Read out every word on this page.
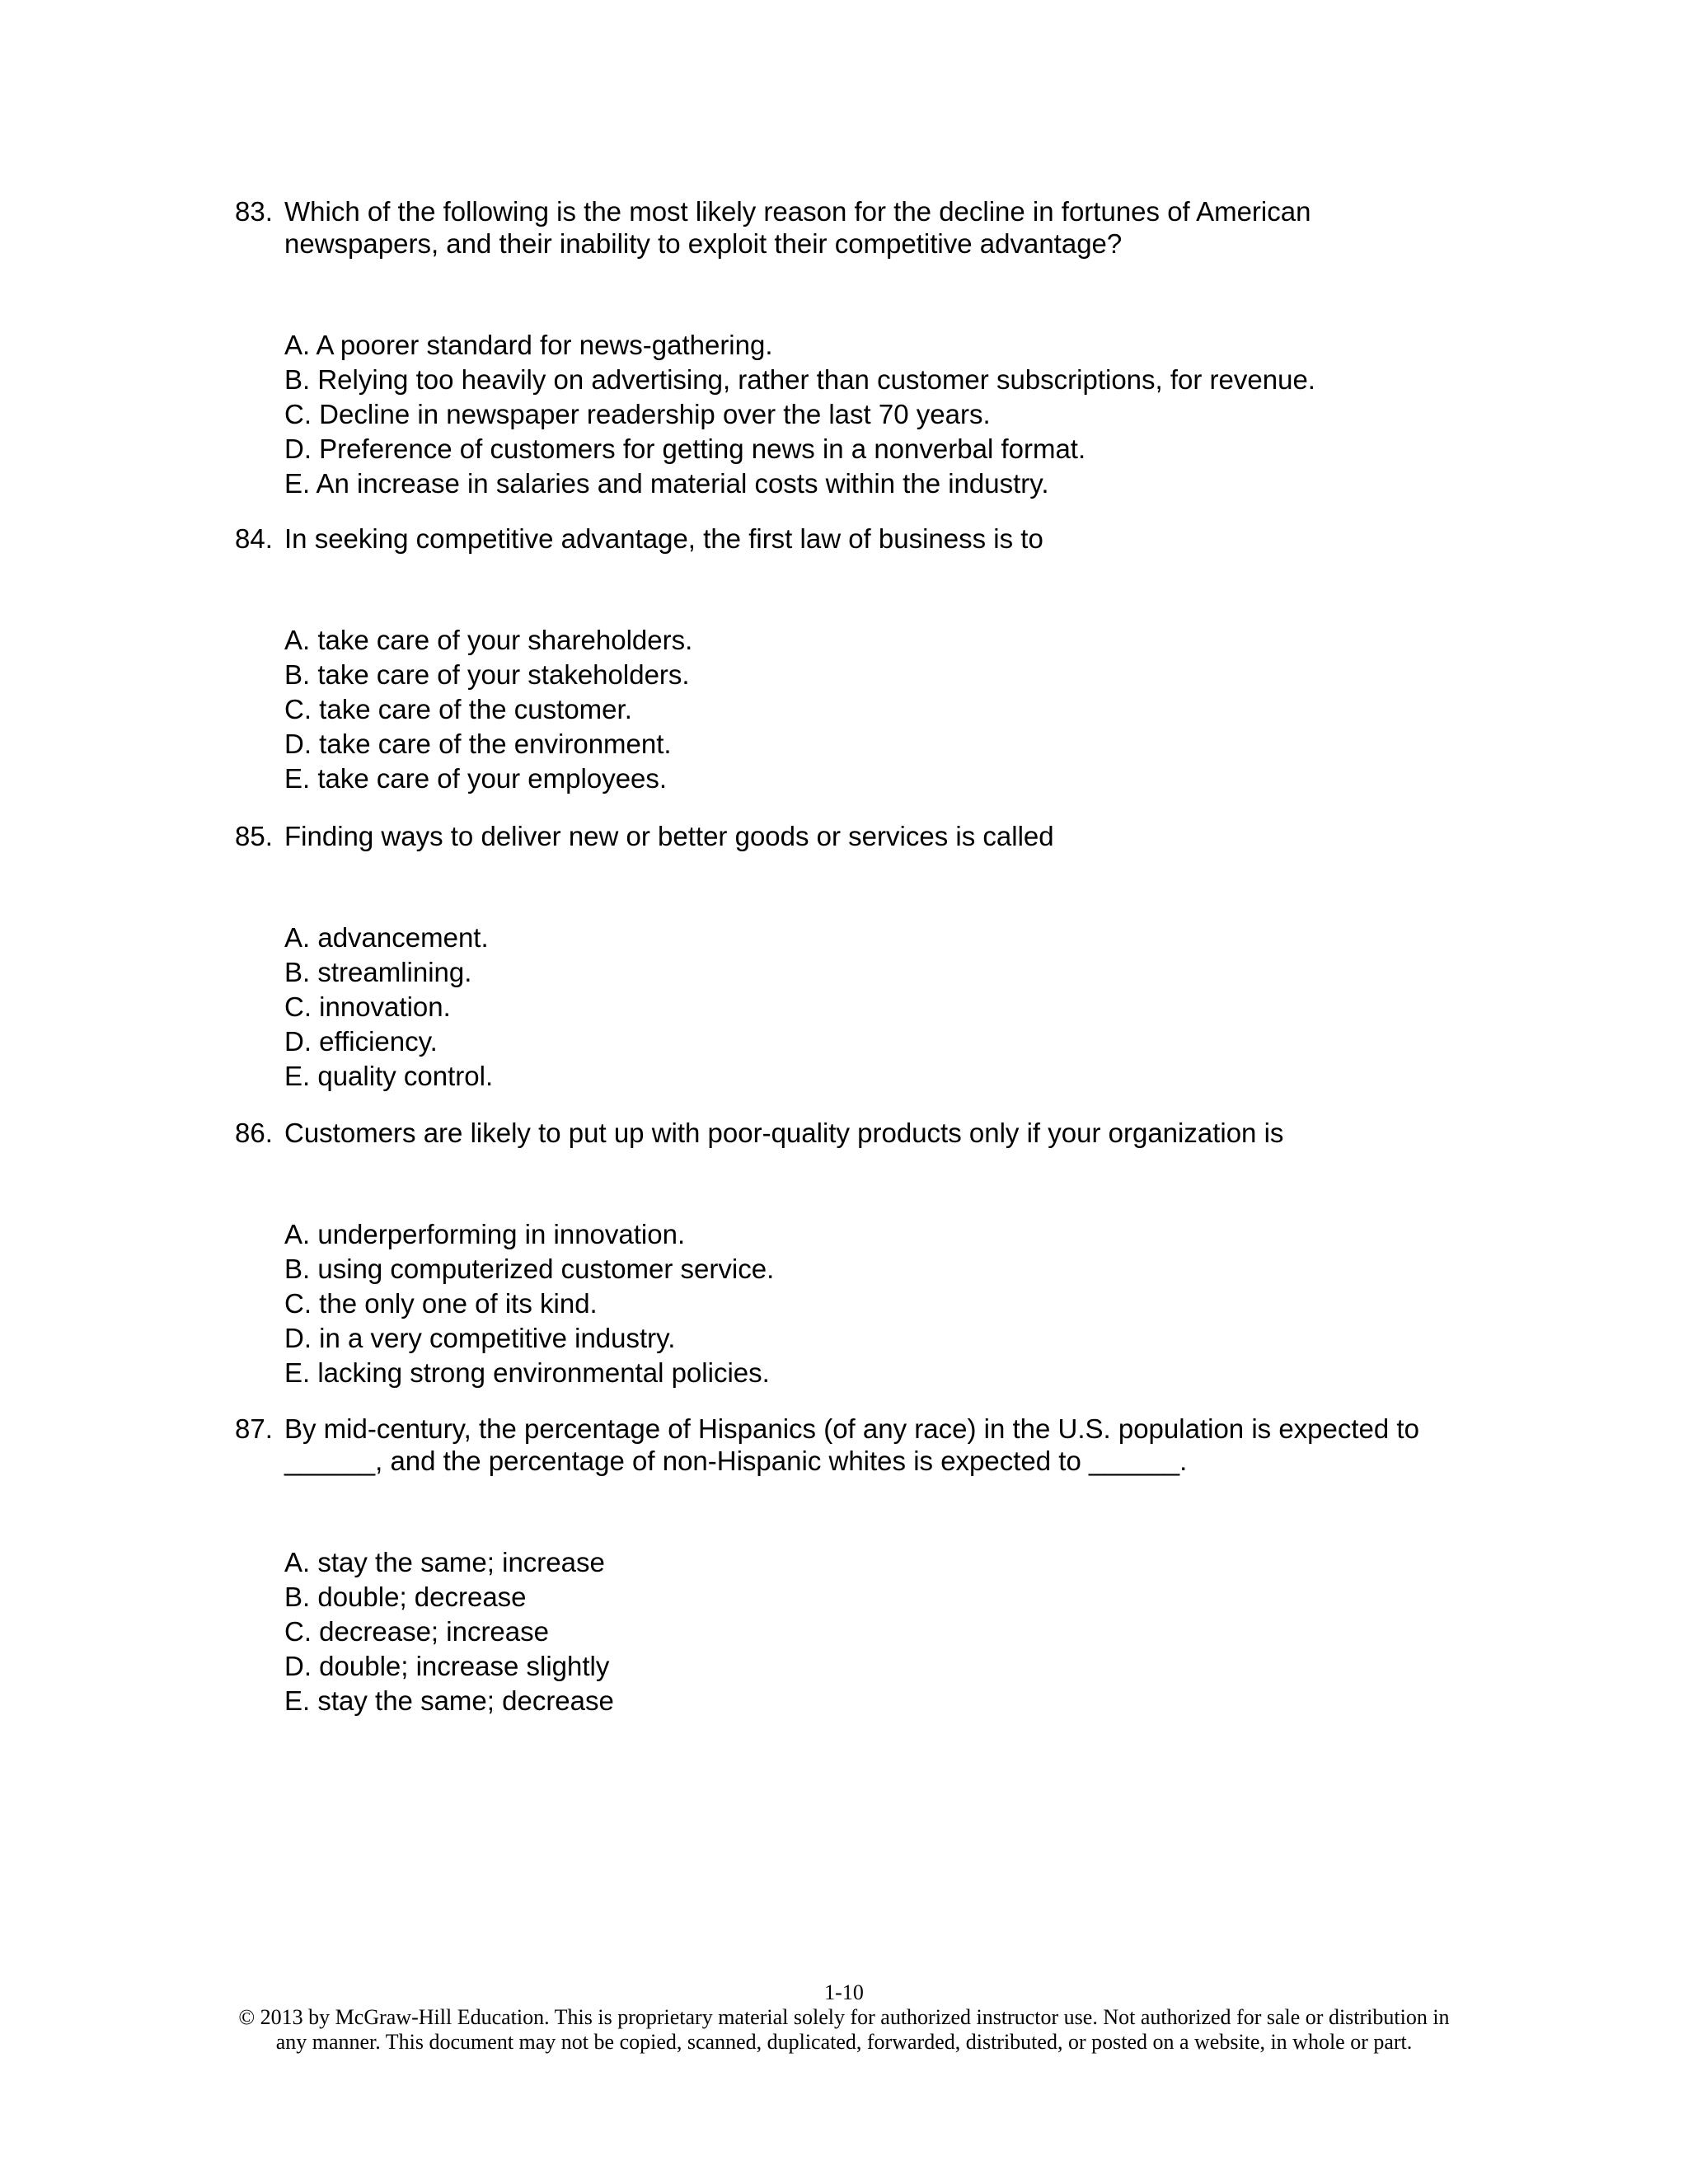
83. Which of the following is the most likely reason for the decline in fortunes of American newspapers, and their inability to exploit their competitive advantage?
A. A poorer standard for news-gathering.
B. Relying too heavily on advertising, rather than customer subscriptions, for revenue.
C. Decline in newspaper readership over the last 70 years.
D. Preference of customers for getting news in a nonverbal format.
E. An increase in salaries and material costs within the industry.
84. In seeking competitive advantage, the first law of business is to
A. take care of your shareholders.
B. take care of your stakeholders.
C. take care of the customer.
D. take care of the environment.
E. take care of your employees.
85. Finding ways to deliver new or better goods or services is called
A. advancement.
B. streamlining.
C. innovation.
D. efficiency.
E. quality control.
86. Customers are likely to put up with poor-quality products only if your organization is
A. underperforming in innovation.
B. using computerized customer service.
C. the only one of its kind.
D. in a very competitive industry.
E. lacking strong environmental policies.
87. By mid-century, the percentage of Hispanics (of any race) in the U.S. population is expected to ______, and the percentage of non-Hispanic whites is expected to ______.
A. stay the same; increase
B. double; decrease
C. decrease; increase
D. double; increase slightly
E. stay the same; decrease
1-10
© 2013 by McGraw-Hill Education. This is proprietary material solely for authorized instructor use. Not authorized for sale or distribution in
any manner. This document may not be copied, scanned, duplicated, forwarded, distributed, or posted on a website, in whole or part.
